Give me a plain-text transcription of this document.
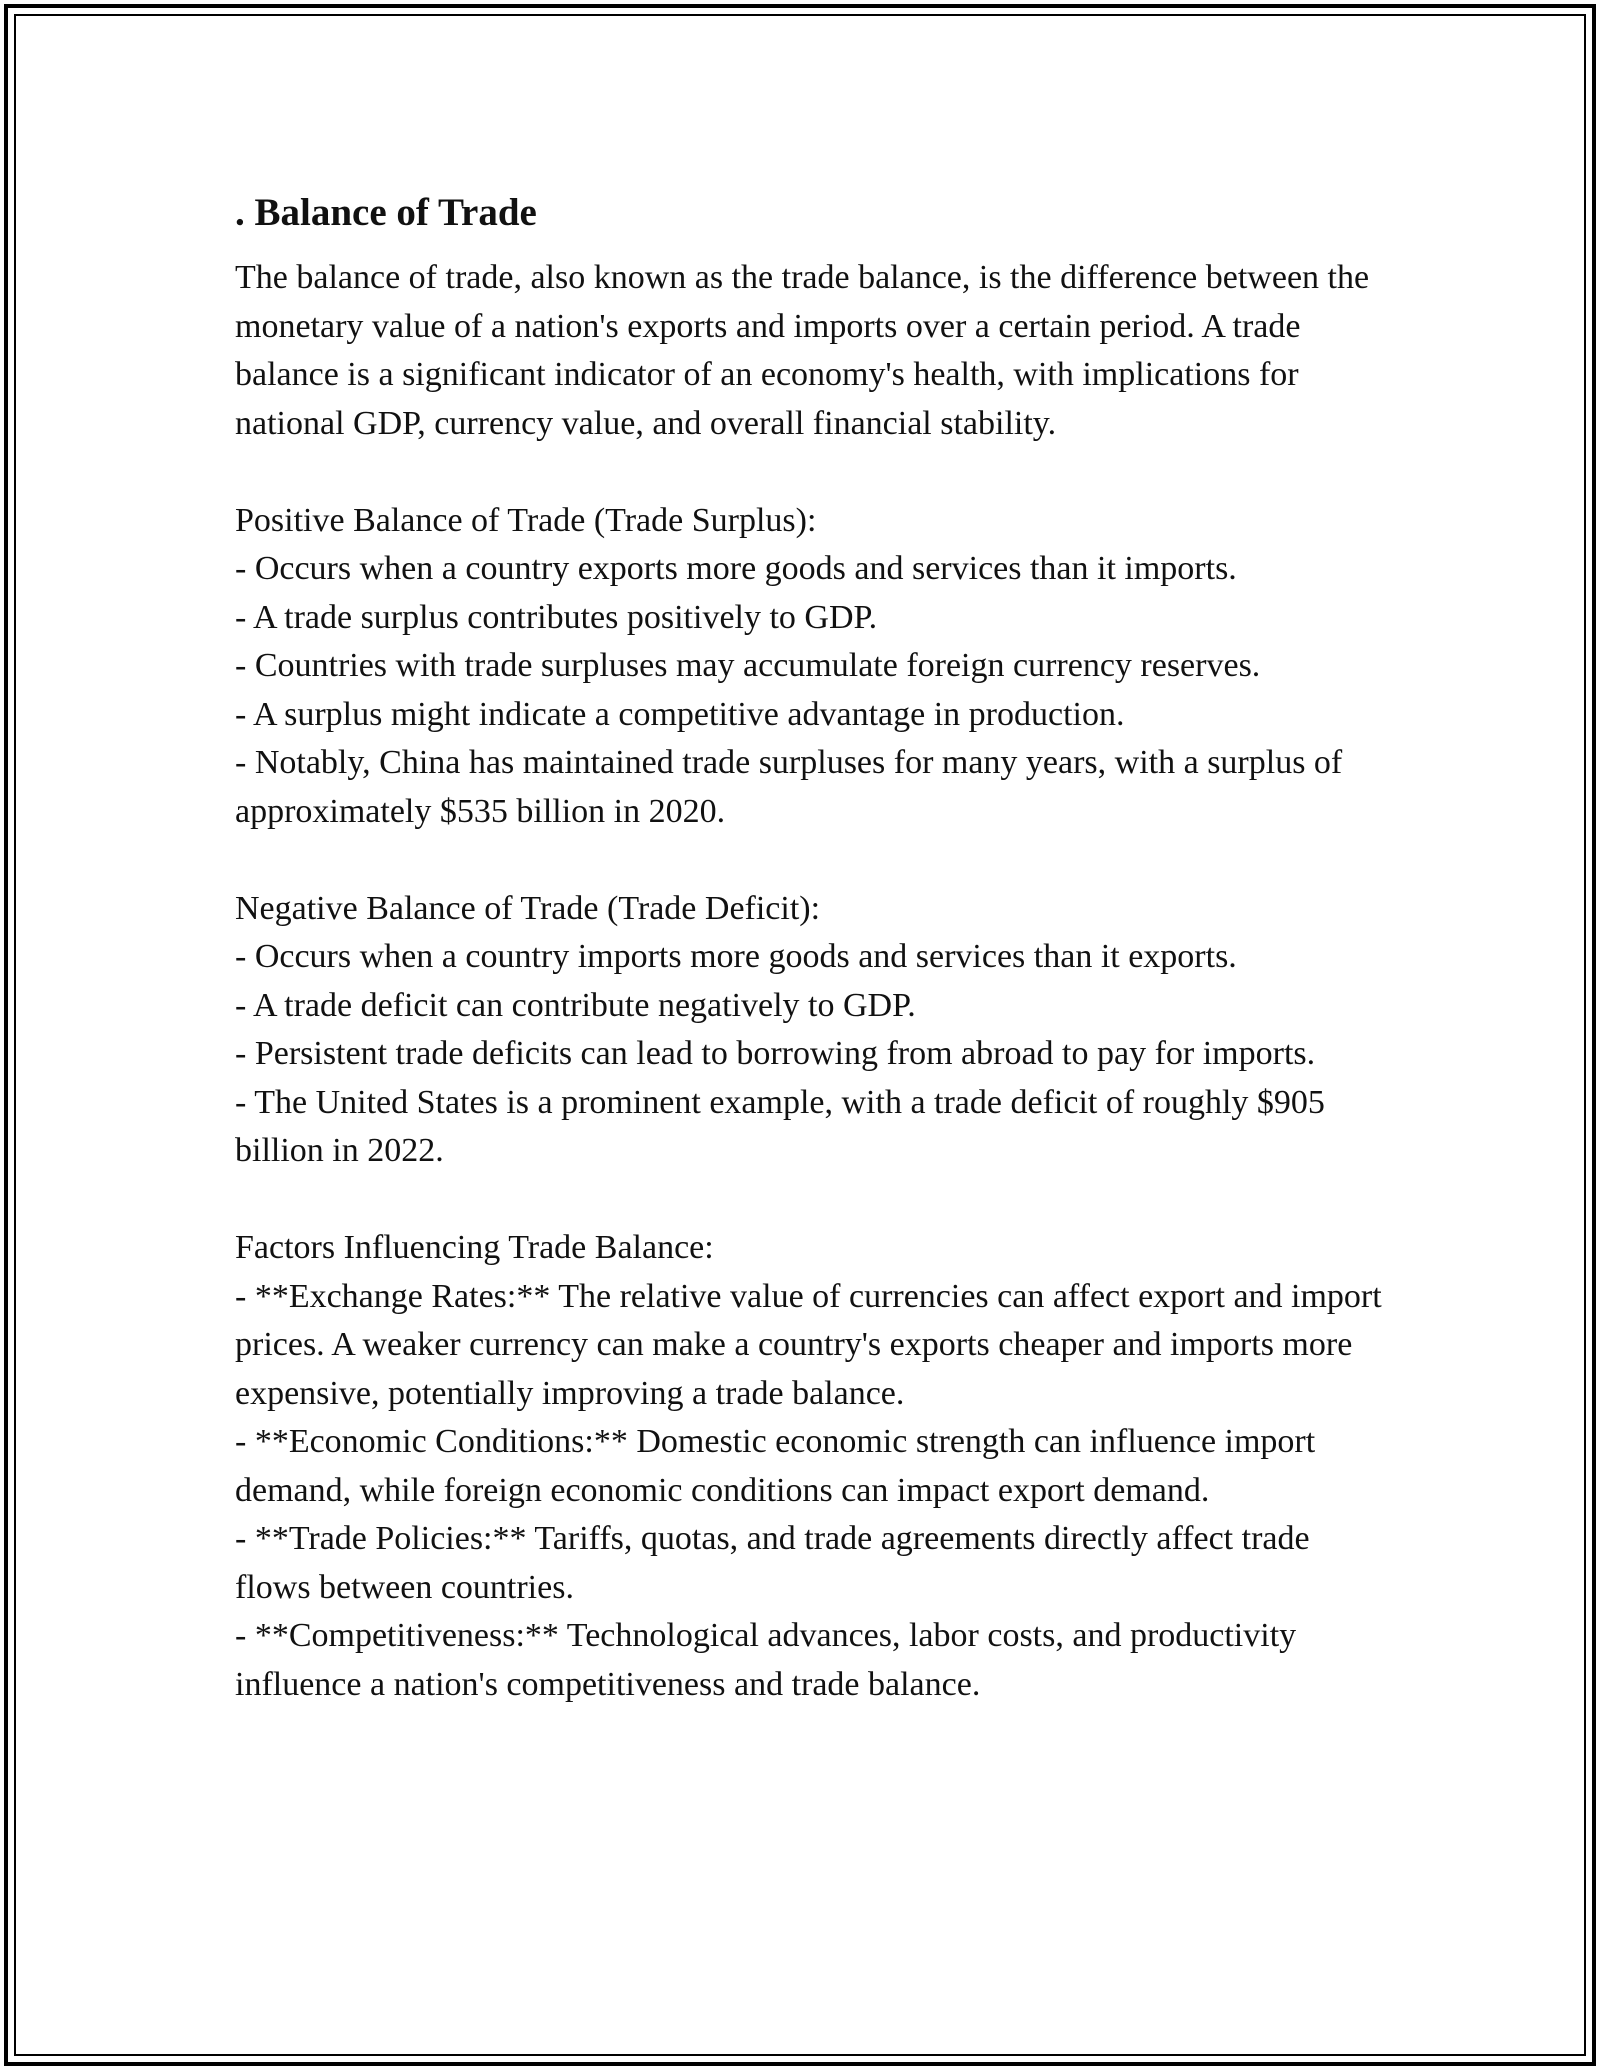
. Balance of Trade

The balance of trade, also known as the trade balance, is the difference between the monetary value of a nation's exports and imports over a certain period. A trade balance is a significant indicator of an economy's health, with implications for national GDP, currency value, and overall financial stability.

Positive Balance of Trade (Trade Surplus):
- Occurs when a country exports more goods and services than it imports.
- A trade surplus contributes positively to GDP.
- Countries with trade surpluses may accumulate foreign currency reserves.
- A surplus might indicate a competitive advantage in production.
- Notably, China has maintained trade surpluses for many years, with a surplus of approximately $535 billion in 2020.
Negative Balance of Trade (Trade Deficit):
- Occurs when a country imports more goods and services than it exports.
- A trade deficit can contribute negatively to GDP.
- Persistent trade deficits can lead to borrowing from abroad to pay for imports.
- The United States is a prominent example, with a trade deficit of roughly $905 billion in 2022.
Factors Influencing Trade Balance:
- **Exchange Rates:** The relative value of currencies can affect export and import prices. A weaker currency can make a country's exports cheaper and imports more expensive, potentially improving a trade balance.
- **Economic Conditions:** Domestic economic strength can influence import demand, while foreign economic conditions can impact export demand.
- **Trade Policies:** Tariffs, quotas, and trade agreements directly affect trade flows between countries.
- **Competitiveness:** Technological advances, labor costs, and productivity influence a nation's competitiveness and trade balance.
